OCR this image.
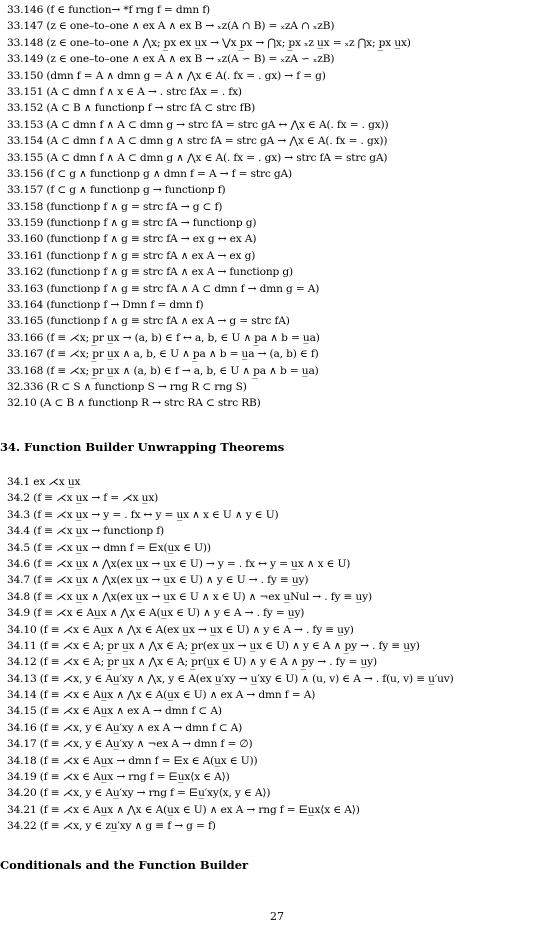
33.146 (f ∈ function→ *f rng f = dmn f)
33.147 (z ∈ one–to–one ∧ ex A ∧ ex B → ₓz(A ∩ B) = ₓzA ∩ ₓzB)
33.148 (z ∈ one–to–one ∧ ⋀x; p̲x ex u̲x → ⋁x p̲x → ⋂x; p̲x ₓz u̲x = ₓz ⋂x; p̲x u̲x)
33.149 (z ∈ one–to–one ∧ ex A ∧ ex B → ₓz(A ∽ B) = ₓzA ∽ ₓzB)
33.150 (dmn f = A ∧ dmn g = A ∧ ⋀x ∈ A(. fx = . gx) → f = g)
33.151 (A ⊂ dmn f ∧ x ∈ A → . strc fAx = . fx)
33.152 (A ⊂ B ∧ functionp f → strc fA ⊂ strc fB)
33.153 (A ⊂ dmn f ∧ A ⊂ dmn g → strc fA = strc gA ↔ ⋀x ∈ A(. fx = . gx))
33.154 (A ⊂ dmn f ∧ A ⊂ dmn g ∧ strc fA = strc gA → ⋀x ∈ A(. fx = . gx))
33.155 (A ⊂ dmn f ∧ A ⊂ dmn g ∧ ⋀x ∈ A(. fx = . gx) → strc fA = strc gA)
33.156 (f ⊂ g ∧ functionp g ∧ dmn f = A → f = strc gA)
33.157 (f ⊂ g ∧ functionp g → functionp f)
33.158 (functionp f ∧ g = strc fA → g ⊂ f)
33.159 (functionp f ∧ g ≡ strc fA → functionp g)
33.160 (functionp f ∧ g ≡ strc fA → ex g ↔ ex A)
33.161 (functionp f ∧ g ≡ strc fA ∧ ex A → ex g)
33.162 (functionp f ∧ g ≡ strc fA ∧ ex A → functionp g)
33.163 (functionp f ∧ g ≡ strc fA ∧ A ⊂ dmn f → dmn g = A)
33.164 (functionp f → Dmn f = dmn f)
33.165 (functionp f ∧ g ≡ strc fA ∧ ex A → g = strc fA)
33.166 (f ≡ ⋌x; p̲r u̲x → (a, b) ∈ f ↔ a, b, ∈ U ∧ p̲a ∧ b = u̲a)
33.167 (f ≡ ⋌x; p̲r u̲x ∧ a, b, ∈ U ∧ p̲a ∧ b = u̲a → (a, b) ∈ f)
33.168 (f ≡ ⋌x; p̲r u̲x ∧ (a, b) ∈ f → a, b, ∈ U ∧ p̲a ∧ b = u̲a)
32.336 (R ⊂ S ∧ functionp S → rng R ⊂ rng S)
32.10 (A ⊂ B ∧ functionp R → strc RA ⊂ strc RB)
34. Function Builder Unwrapping Theorems
34.1 ex ⋌x u̲x
34.2 (f ≡ ⋌x u̲x → f = ⋌x u̲x)
34.3 (f ≡ ⋌x u̲x → y = . fx ↔ y = u̲x ∧ x ∈ U ∧ y ∈ U)
34.4 (f ≡ ⋌x u̲x → functionp f)
34.5 (f ≡ ⋌x u̲x → dmn f = ⋿x(u̲x ∈ U))
34.6 (f ≡ ⋌x u̲x ∧ ⋀x(ex u̲x → u̲x ∈ U) → y = . fx ↔ y = u̲x ∧ x ∈ U)
34.7 (f ≡ ⋌x u̲x ∧ ⋀x(ex u̲x → u̲x ∈ U) ∧ y ∈ U → . fy ≡ u̲y)
34.8 (f ≡ ⋌x u̲x ∧ ⋀x(ex u̲x → u̲x ∈ U ∧ x ∈ U) ∧ ¬ex u̲Nul → . fy ≡ u̲y)
34.9 (f ≡ ⋌x ∈ Au̲x ∧ ⋀x ∈ A(u̲x ∈ U) ∧ y ∈ A → . fy = u̲y)
34.10 (f ≡ ⋌x ∈ Au̲x ∧ ⋀x ∈ A(ex u̲x → u̲x ∈ U) ∧ y ∈ A → . fy ≡ u̲y)
34.11 (f ≡ ⋌x ∈ A; p̲r u̲x ∧ ⋀x ∈ A; p̲r(ex u̲x → u̲x ∈ U) ∧ y ∈ A ∧ p̲y → . fy ≡ u̲y)
34.12 (f ≡ ⋌x ∈ A; p̲r u̲x ∧ ⋀x ∈ A; p̲r(u̲x ∈ U) ∧ y ∈ A ∧ p̲y → . fy = u̲y)
34.13 (f ≡ ⋌x, y ∈ Au̲′xy ∧ ⋀x, y ∈ A(ex u̲′xy → u̲′xy ∈ U) ∧ (u, v) ∈ A → . f(u, v) ≡ u̲′uv)
34.14 (f ≡ ⋌x ∈ Au̲x ∧ ⋀x ∈ A(u̲x ∈ U) ∧ ex A → dmn f = A)
34.15 (f ≡ ⋌x ∈ Au̲x ∧ ex A → dmn f ⊂ A)
34.16 (f ≡ ⋌x, y ∈ Au̲′xy ∧ ex A → dmn f ⊂ A)
34.17 (f ≡ ⋌x, y ∈ Au̲′xy ∧ ¬ex A → dmn f = ∅)
34.18 (f ≡ ⋌x ∈ Au̲x → dmn f = ⋿x ∈ A(u̲x ∈ U))
34.19 (f ≡ ⋌x ∈ Au̲x → rng f = ⋿u̲x⟨x ∈ A⟩)
34.20 (f ≡ ⋌x, y ∈ Au̲′xy → rng f = ⋿u̲′xy⟨x, y ∈ A⟩)
34.21 (f ≡ ⋌x ∈ Au̲x ∧ ⋀x ∈ A(u̲x ∈ U) ∧ ex A → rng f = ⋿u̲x⟨x ∈ A⟩)
34.22 (f ≡ ⋌x, y ∈ zu̲′xy ∧ g ≡ f → g = f)
Conditionals and the Function Builder
27
